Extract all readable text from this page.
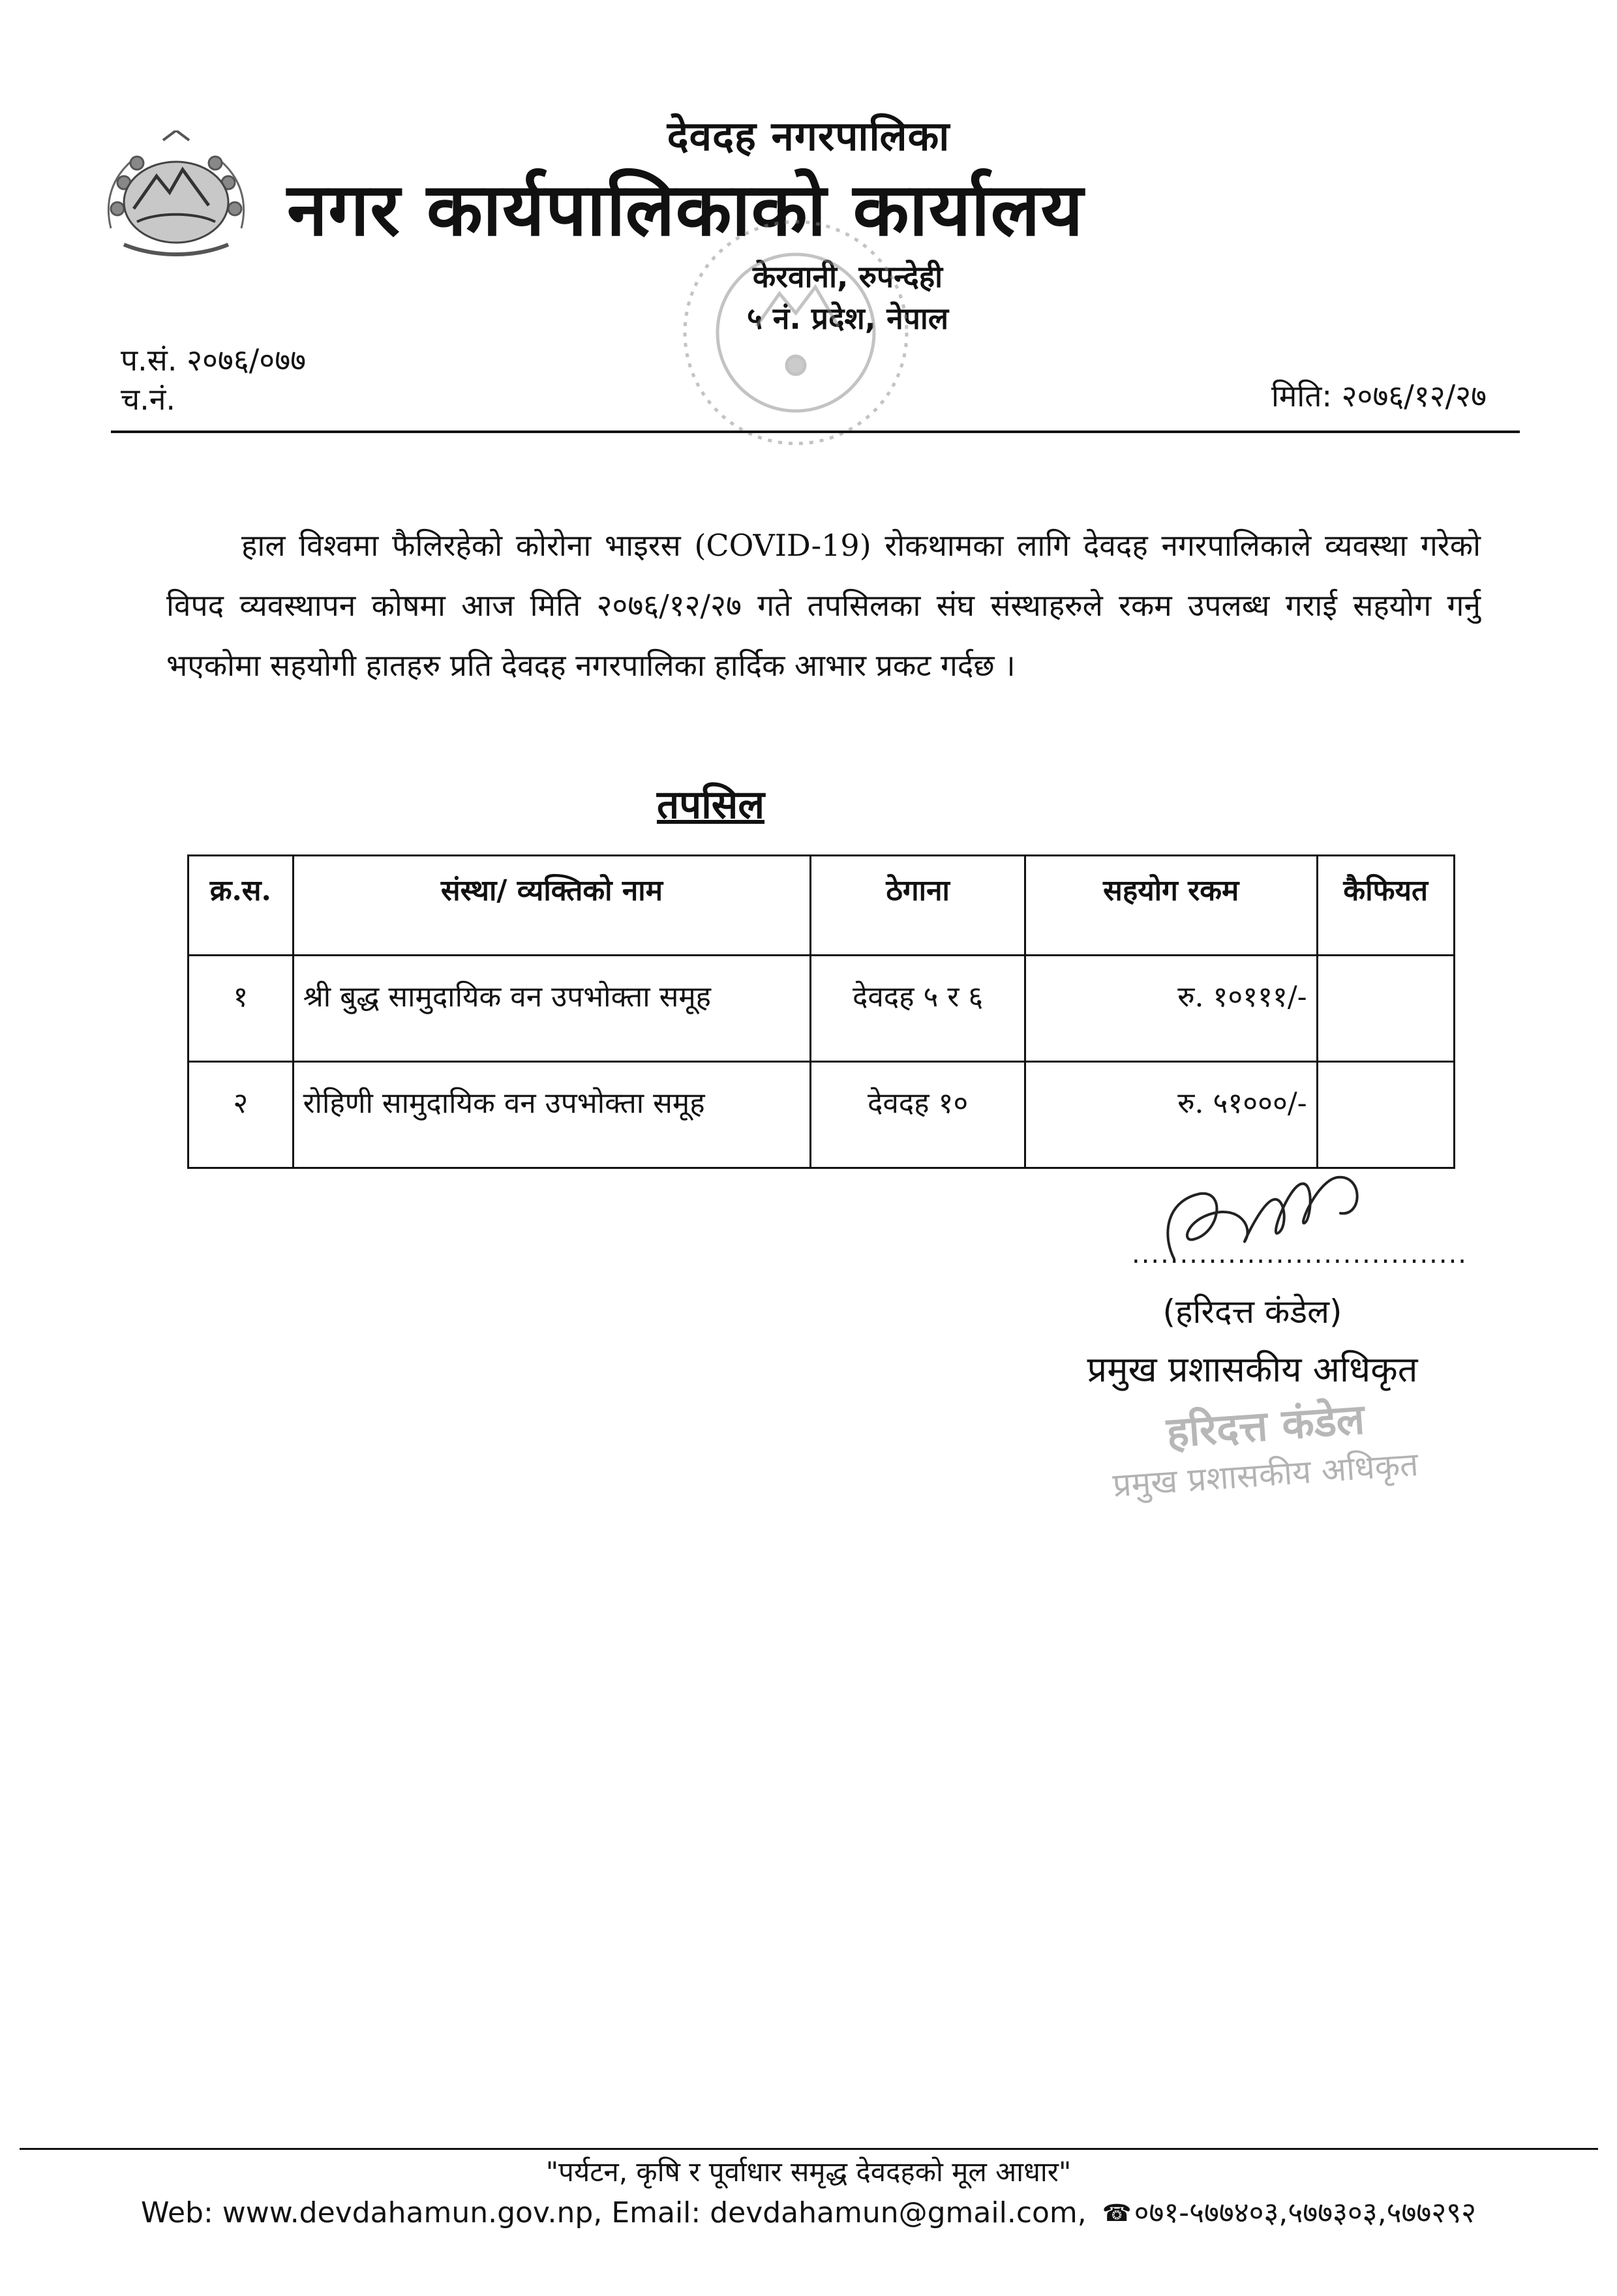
देवदह नगरपालिका
नगर कार्यपालिकाको कार्यालय
केरवानी, रुपन्देही
५ नं. प्रदेश, नेपाल
प.सं. २०७६/०७७
च.नं.	मिति: २०७६/१२/२७
हाल विश्वमा फैलिरहेको कोरोना भाइरस (COVID-19) रोकथामका लागि देवदह नगरपालिकाले व्यवस्था गरेको विपद व्यवस्थापन कोषमा आज मिति २०७६/१२/२७ गते तपसिलका संघ संस्थाहरुले रकम उपलब्ध गराई सहयोग गर्नु भएकोमा सहयोगी हातहरु प्रति देवदह नगरपालिका हार्दिक आभार प्रकट गर्दछ ।
तपसिल
क्र.स.	संस्था/ व्यक्तिको नाम	ठेगाना	सहयोग रकम	कैफियत
१	श्री बुद्ध सामुदायिक वन उपभोक्ता समूह	देवदह ५ र ६	रु. १०१११/-	
२	रोहिणी सामुदायिक वन उपभोक्ता समूह	देवदह १०	रु. ५१०००/-	
...................................
(हरिदत्त कंडेल)
प्रमुख प्रशासकीय अधिकृत
हरिदत्त कंडेल
प्रमुख प्रशासकीय अधिकृत
"पर्यटन, कृषि र पूर्वाधार समृद्ध देवदहको मूल आधार"
Web: www.devdahamun.gov.np, Email: devdahamun@gmail.com, ☎०७१-५७७४०३,५७७३०३,५७७२९२
